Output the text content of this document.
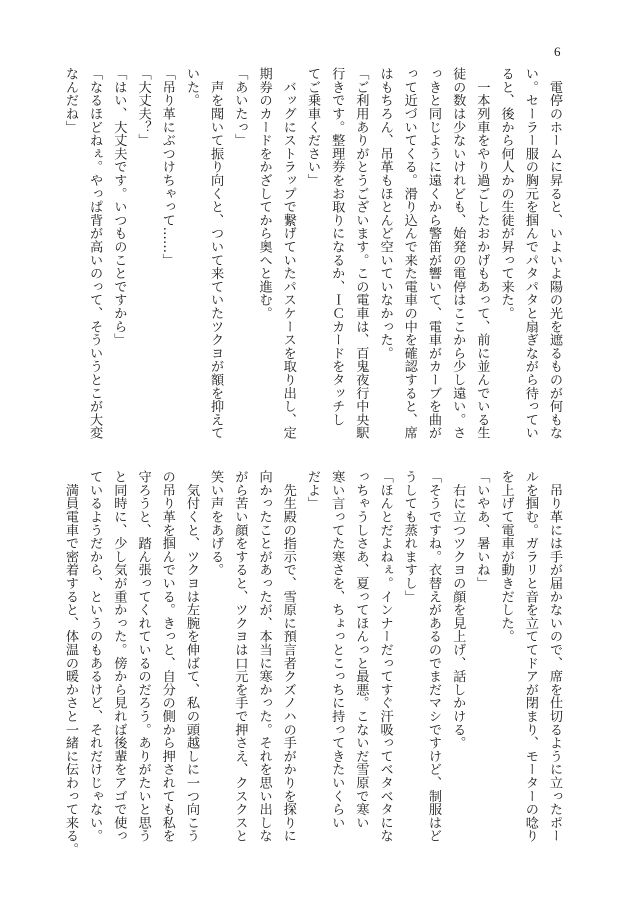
6
　電停のホームに昇ると、いよいよ陽の光を遮るものが何もな
い。セーラー服の胸元を掴んでパタパタと扇ぎながら待ってい
ると、後から何人かの生徒が昇って来た。
　一本列車をやり過ごしたおかげもあって、前に並んでいる生
徒の数は少ないけれども、始発の電停はここから少し遠い。さ
っきと同じように遠くから警笛が響いて、電車がカーブを曲が
って近づいてくる。滑り込んで来た電車の中を確認すると、席
はもちろん、吊革もほとんど空いていなかった。
「ご利用ありがとうございます。この電車は、百鬼夜行中央駅
行きです。整理券をお取りになるか、ＩＣカードをタッチし
てご乗車ください」
　バッグにストラップで繋げていたパスケースを取り出し、定
期券のカードをかざしてから奥へと進む。
「あいたっ」
　声を聞いて振り向くと、ついて来ていたツクヨが額を抑えて
いた。
「吊り革にぶつけちゃって……」
「大丈夫？」
「はい、大丈夫です。いつものことですから」
「なるほどねぇ。やっぱ背が高いのって、そういうとこが大変
なんだね」
　吊り革には手が届かないので、席を仕切るように立ったポー
ルを掴む。ガラリと音を立ててドアが閉まり、モーターの唸り
を上げて電車が動きだした。
「いやあ、暑いね」
　右に立つツクヨの顔を見上げ、話しかける。
「そうですね。衣替えがあるのでまだマシですけど、制服はど
うしても蒸れますし」
「ほんとだよねぇ。インナーだってすぐ汗吸ってベタベタにな
っちゃうしさあ、夏ってほんっと最悪。こないだ雪原で寒い
寒い言ってた寒さを、ちょっとこっちに持ってきたいくらい
だよ」
　先生殿の指示で、雪原に預言者クズノハの手がかりを探りに
向かったことがあったが、本当に寒かった。それを思い出しな
がら苦い顔をすると、ツクヨは口元を手で押さえ、クスクスと
笑い声をあげる。
　気付くと、ツクヨは左腕を伸ばて、私の頭越しに一つ向こう
の吊り革を掴んでいる。きっと、自分の側から押されても私を
守ろうと、踏ん張ってくれているのだろう。ありがたいと思う
と同時に、少し気が重かった。傍から見れば後輩をアゴで使っ
ているようだから、というのもあるけど、それだけじゃない。
　満員電車で密着すると、体温の暖かさと一緒に伝わって来る。
